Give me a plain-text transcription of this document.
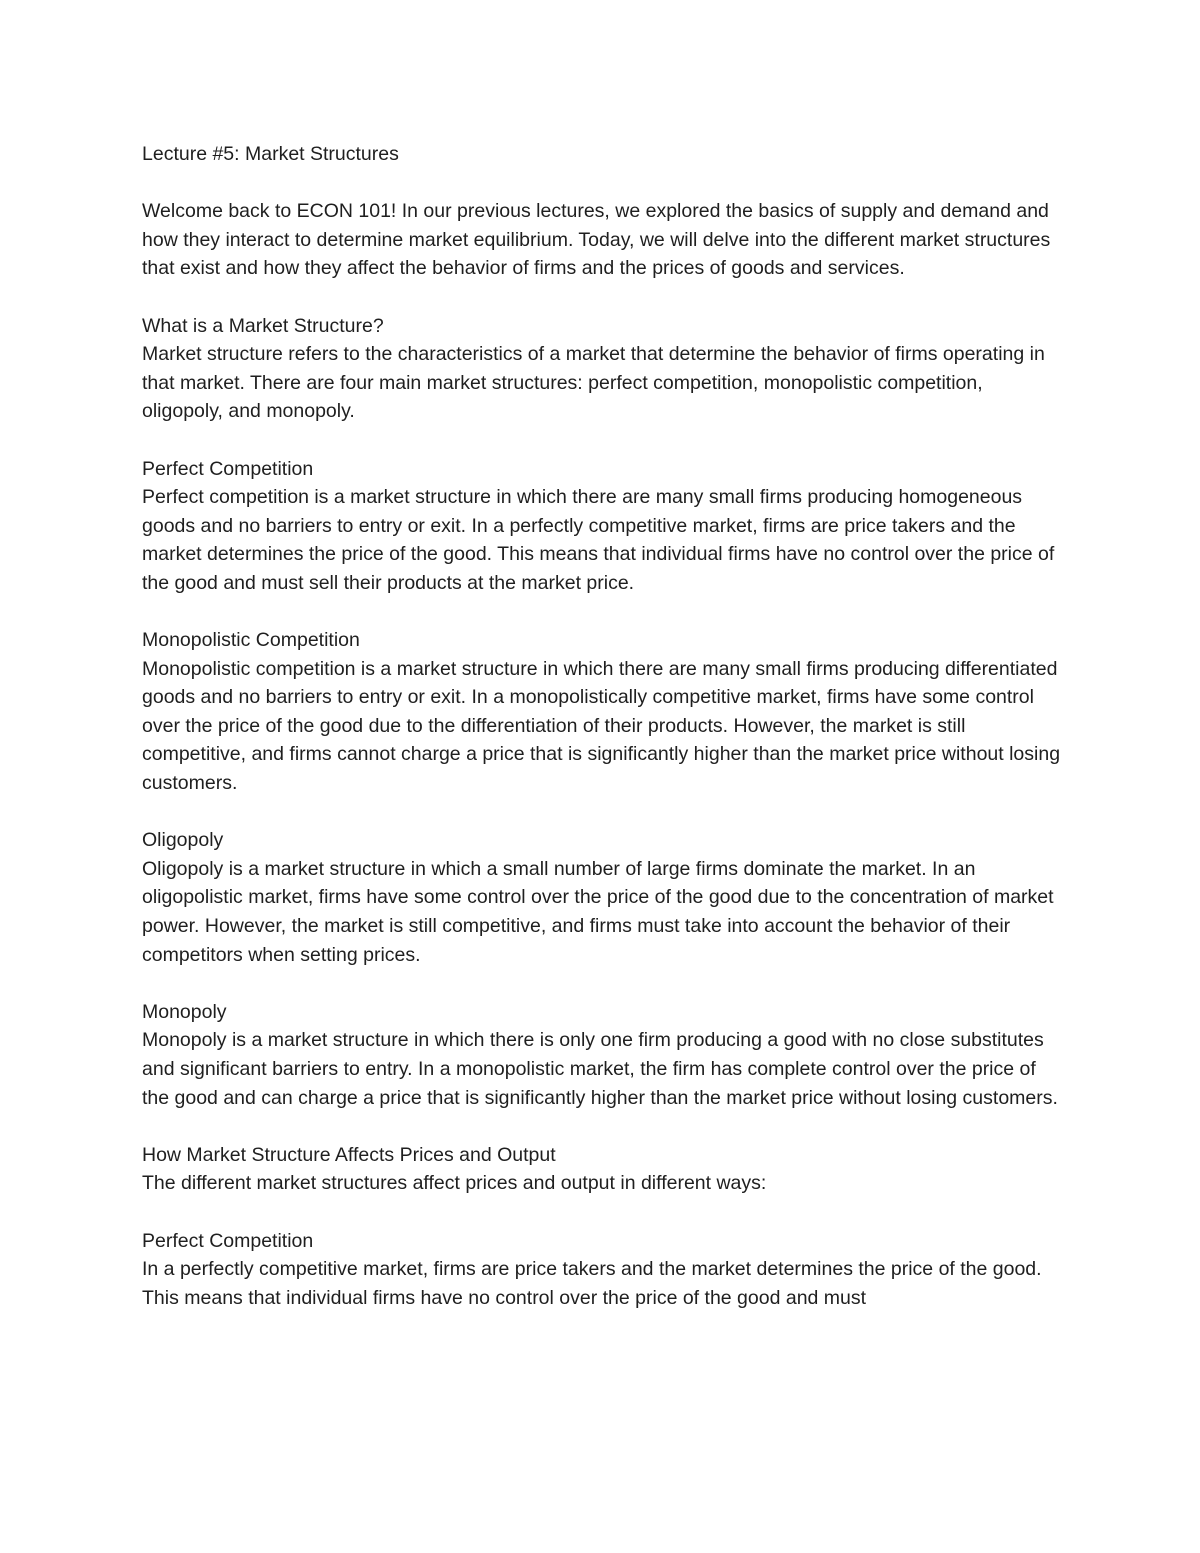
Lecture #5: Market Structures

Welcome back to ECON 101! In our previous lectures, we explored the basics of supply and demand and how they interact to determine market equilibrium. Today, we will delve into the different market structures that exist and how they affect the behavior of firms and the prices of goods and services.

What is a Market Structure?

Market structure refers to the characteristics of a market that determine the behavior of firms operating in that market. There are four main market structures: perfect competition, monopolistic competition, oligopoly, and monopoly.

Perfect Competition

Perfect competition is a market structure in which there are many small firms producing homogeneous goods and no barriers to entry or exit. In a perfectly competitive market, firms are price takers and the market determines the price of the good. This means that individual firms have no control over the price of the good and must sell their products at the market price.

Monopolistic Competition

Monopolistic competition is a market structure in which there are many small firms producing differentiated goods and no barriers to entry or exit. In a monopolistically competitive market, firms have some control over the price of the good due to the differentiation of their products. However, the market is still competitive, and firms cannot charge a price that is significantly higher than the market price without losing customers.

Oligopoly

Oligopoly is a market structure in which a small number of large firms dominate the market. In an oligopolistic market, firms have some control over the price of the good due to the concentration of market power. However, the market is still competitive, and firms must take into account the behavior of their competitors when setting prices.

Monopoly

Monopoly is a market structure in which there is only one firm producing a good with no close substitutes and significant barriers to entry. In a monopolistic market, the firm has complete control over the price of the good and can charge a price that is significantly higher than the market price without losing customers.

How Market Structure Affects Prices and Output

The different market structures affect prices and output in different ways:

Perfect Competition

In a perfectly competitive market, firms are price takers and the market determines the price of the good. This means that individual firms have no control over the price of the good and must
